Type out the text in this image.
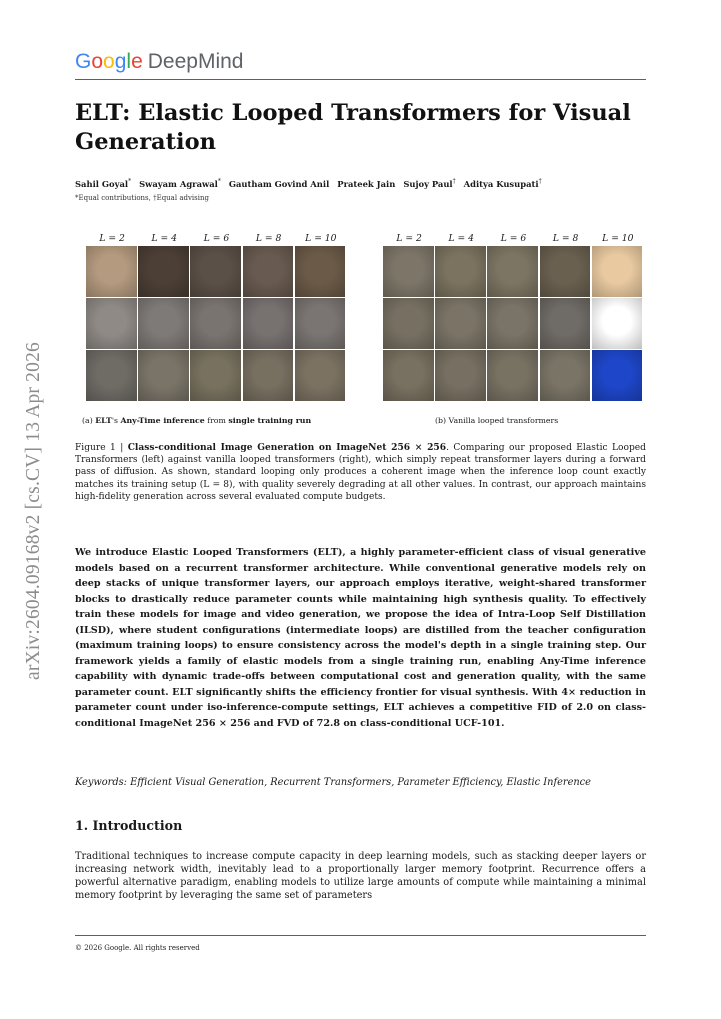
arXiv:2604.09168v2 [cs.CV] 13 Apr 2026
Google DeepMind
ELT: Elastic Looped Transformers for Visual Generation
Sahil Goyal* Swayam Agrawal* Gautham Govind Anil Prateek Jain Sujoy Paul† Aditya Kusupati†
*Equal contributions, †Equal advising
L = 2	L = 4	L = 6	L = 8	L = 10	L = 2	L = 4	L = 6	L = 8	L = 10
(a) ELT's Any-Time inference from single training run	(b) Vanilla looped transformers

Figure 1 | Class-conditional Image Generation on ImageNet 256 × 256. Comparing our proposed Elastic Looped Transformers (left) against vanilla looped transformers (right), which simply repeat transformer layers during a forward pass of diffusion. As shown, standard looping only produces a coherent image when the inference loop count exactly matches its training setup (L = 8), with quality severely degrading at all other values. In contrast, our approach maintains high-fidelity generation across several evaluated compute budgets.

We introduce Elastic Looped Transformers (ELT), a highly parameter-efficient class of visual generative models based on a recurrent transformer architecture. While conventional generative models rely on deep stacks of unique transformer layers, our approach employs iterative, weight-shared transformer blocks to drastically reduce parameter counts while maintaining high synthesis quality. To effectively train these models for image and video generation, we propose the idea of Intra-Loop Self Distillation (ILSD), where student configurations (intermediate loops) are distilled from the teacher configuration (maximum training loops) to ensure consistency across the model's depth in a single training step. Our framework yields a family of elastic models from a single training run, enabling Any-Time inference capability with dynamic trade-offs between computational cost and generation quality, with the same parameter count. ELT significantly shifts the efficiency frontier for visual synthesis. With 4× reduction in parameter count under iso-inference-compute settings, ELT achieves a competitive FID of 2.0 on class-conditional ImageNet 256 × 256 and FVD of 72.8 on class-conditional UCF-101.

Keywords: Efficient Visual Generation, Recurrent Transformers, Parameter Efficiency, Elastic Inference

1. Introduction

Traditional techniques to increase compute capacity in deep learning models, such as stacking deeper layers or increasing network width, inevitably lead to a proportionally larger memory footprint. Recurrence offers a powerful alternative paradigm, enabling models to utilize large amounts of compute while maintaining a minimal memory footprint by leveraging the same set of parameters

© 2026 Google. All rights reserved
